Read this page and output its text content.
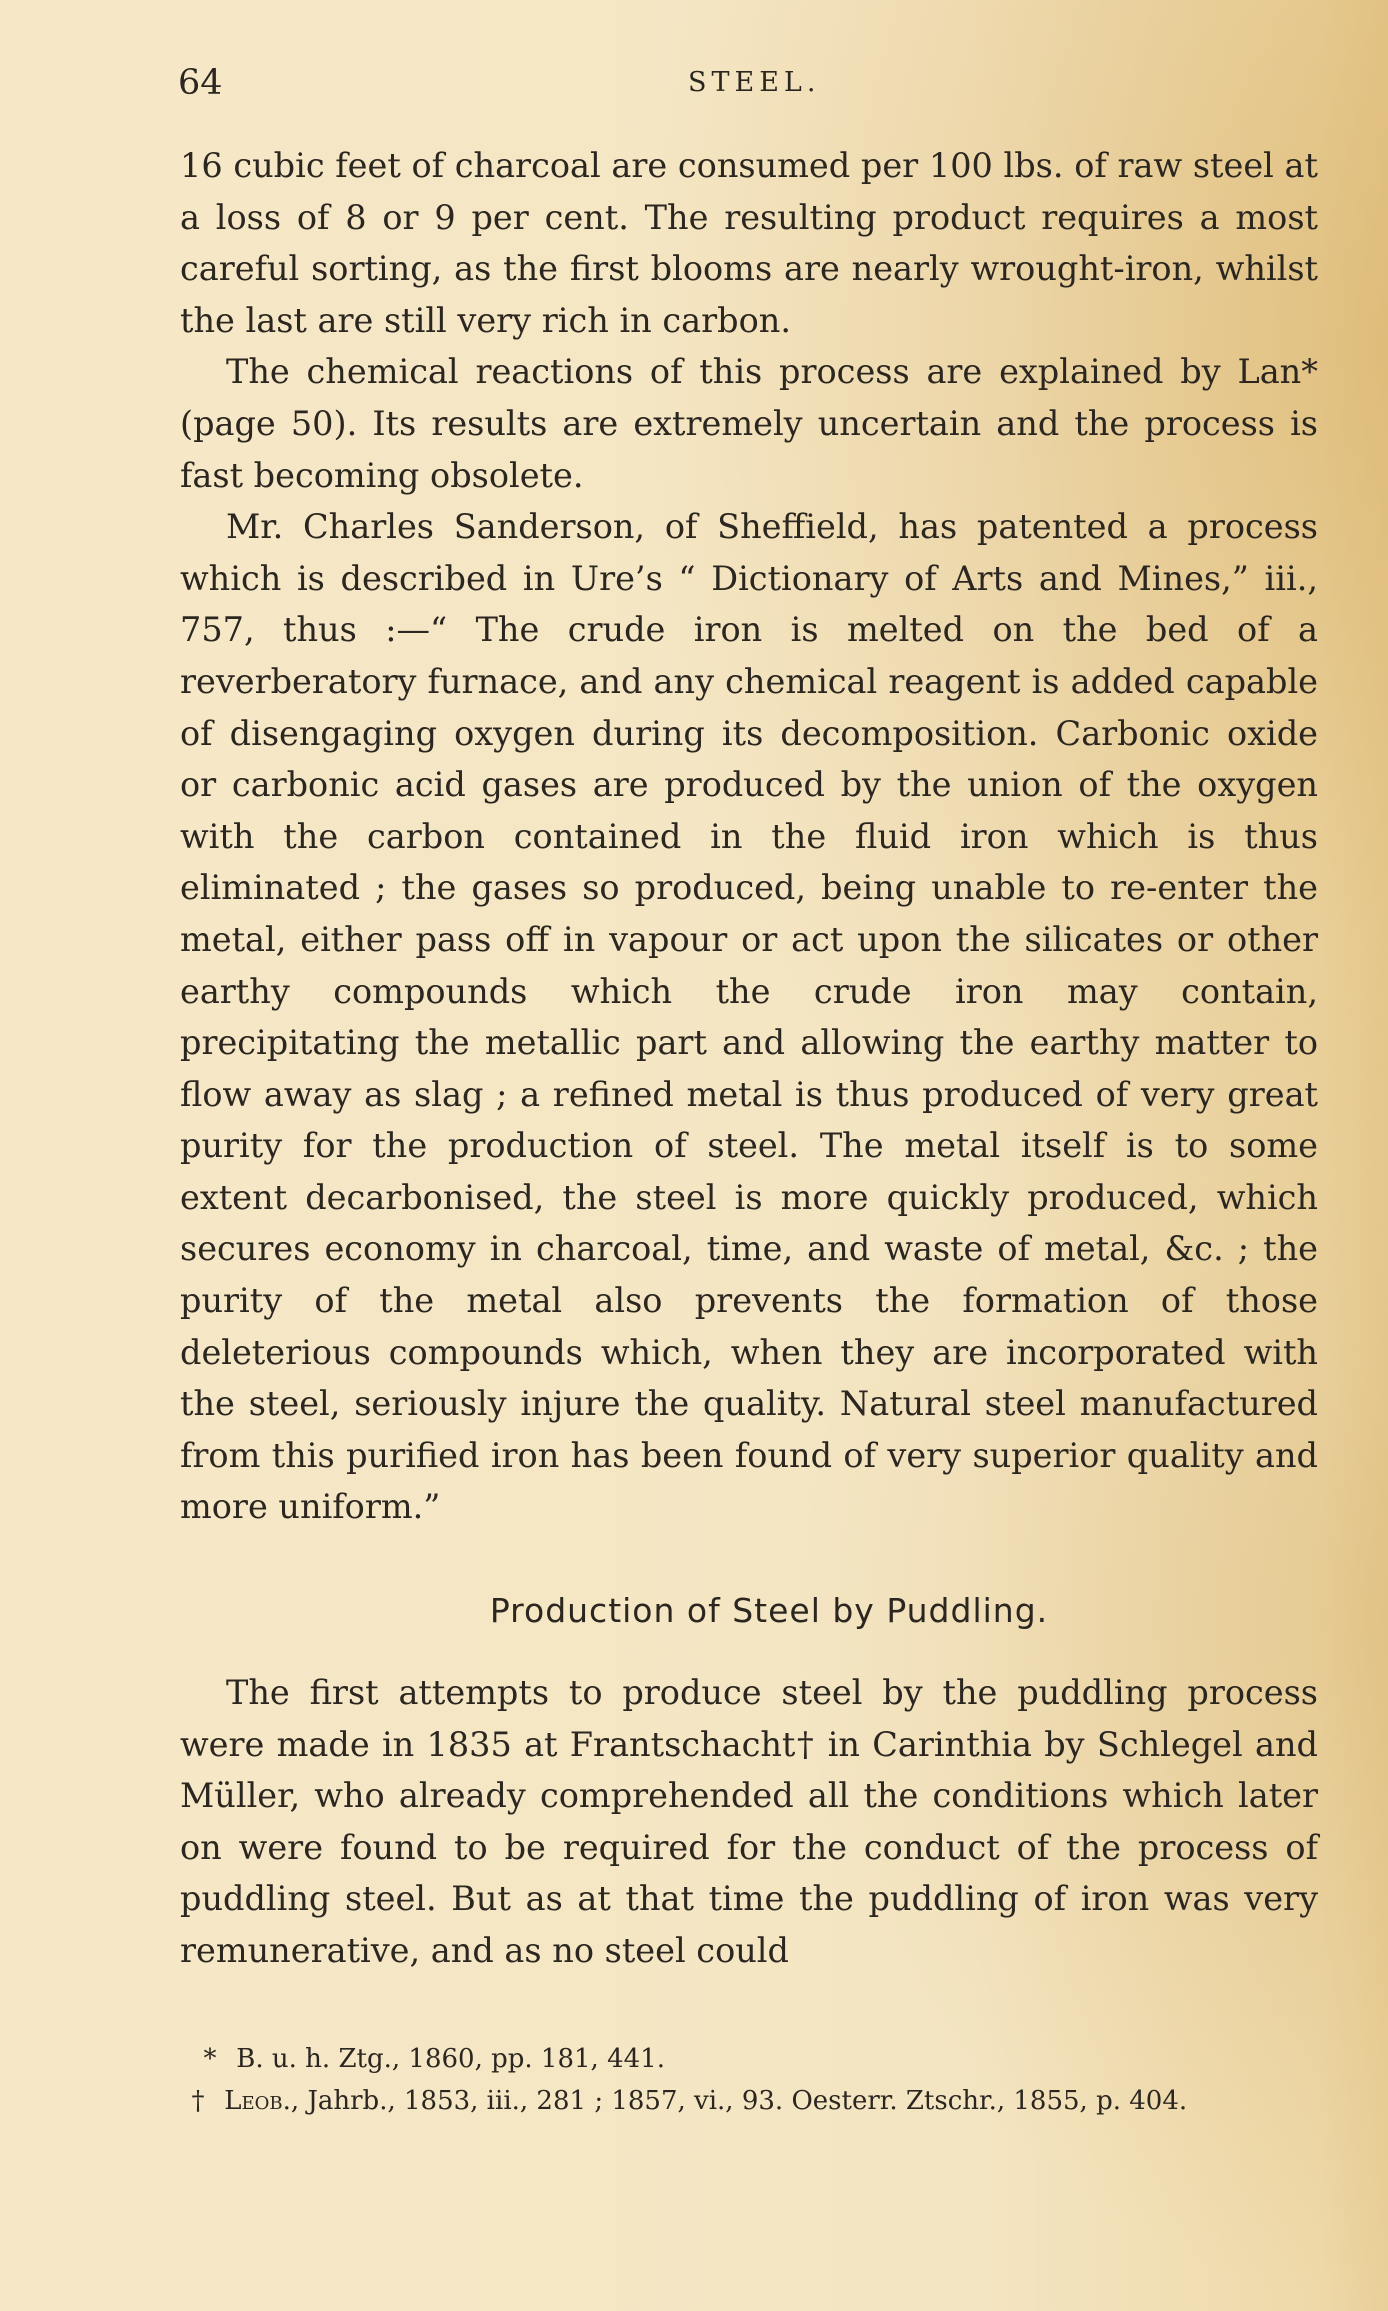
64	STEEL.

16 cubic feet of charcoal are consumed per 100 lbs. of raw steel at a loss of 8 or 9 per cent. The resulting product requires a most careful sorting, as the first blooms are nearly wrought-iron, whilst the last are still very rich in carbon.

The chemical reactions of this process are explained by Lan* (page 50). Its results are extremely uncertain and the process is fast becoming obsolete.

Mr. Charles Sanderson, of Sheffield, has patented a process which is described in Ure’s “ Dictionary of Arts and Mines,” iii., 757, thus :—“ The crude iron is melted on the bed of a reverberatory furnace, and any chemical reagent is added capable of disengaging oxygen during its decomposition. Carbonic oxide or carbonic acid gases are produced by the union of the oxygen with the carbon contained in the fluid iron which is thus eliminated ; the gases so produced, being unable to re-enter the metal, either pass off in vapour or act upon the silicates or other earthy compounds which the crude iron may contain, precipitating the metallic part and allowing the earthy matter to flow away as slag ; a refined metal is thus produced of very great purity for the production of steel. The metal itself is to some extent decarbonised, the steel is more quickly produced, which secures economy in charcoal, time, and waste of metal, &c. ; the purity of the metal also prevents the formation of those deleterious compounds which, when they are incorporated with the steel, seriously injure the quality. Natural steel manufactured from this purified iron has been found of very superior quality and more uniform.”

Production of Steel by Puddling.

The first attempts to produce steel by the puddling process were made in 1835 at Frantschacht† in Carinthia by Schlegel and Müller, who already comprehended all the conditions which later on were found to be required for the conduct of the process of puddling steel. But as at that time the puddling of iron was very remunerative, and as no steel could

* B. u. h. Ztg., 1860, pp. 181, 441.

† Leob., Jahrb., 1853, iii., 281 ; 1857, vi., 93. Oesterr. Ztschr., 1855, p. 404.
